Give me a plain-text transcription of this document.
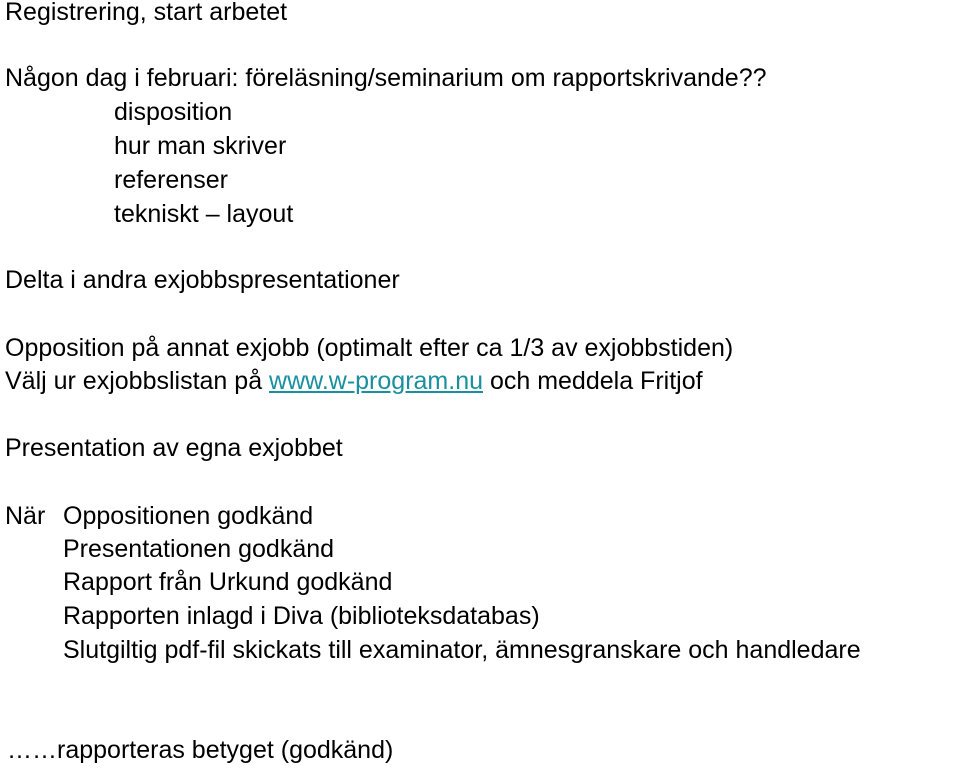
Registrering, start arbetet

Någon dag i februari: föreläsning/seminarium om rapportskrivande??

disposition

hur man skriver

referenser

tekniskt – layout

Delta i andra exjobbspresentationer

Opposition på annat exjobb (optimalt efter ca 1/3 av exjobbstiden)

Välj ur exjobbslistan på www.w-program.nu och meddela Fritjof

Presentation av egna exjobbet

När Oppositionen godkänd

Presentationen godkänd

Rapport från Urkund godkänd

Rapporten inlagd i Diva (biblioteksdatabas)

Slutgiltig pdf-fil skickats till examinator, ämnesgranskare och handledare

……rapporteras betyget (godkänd)
